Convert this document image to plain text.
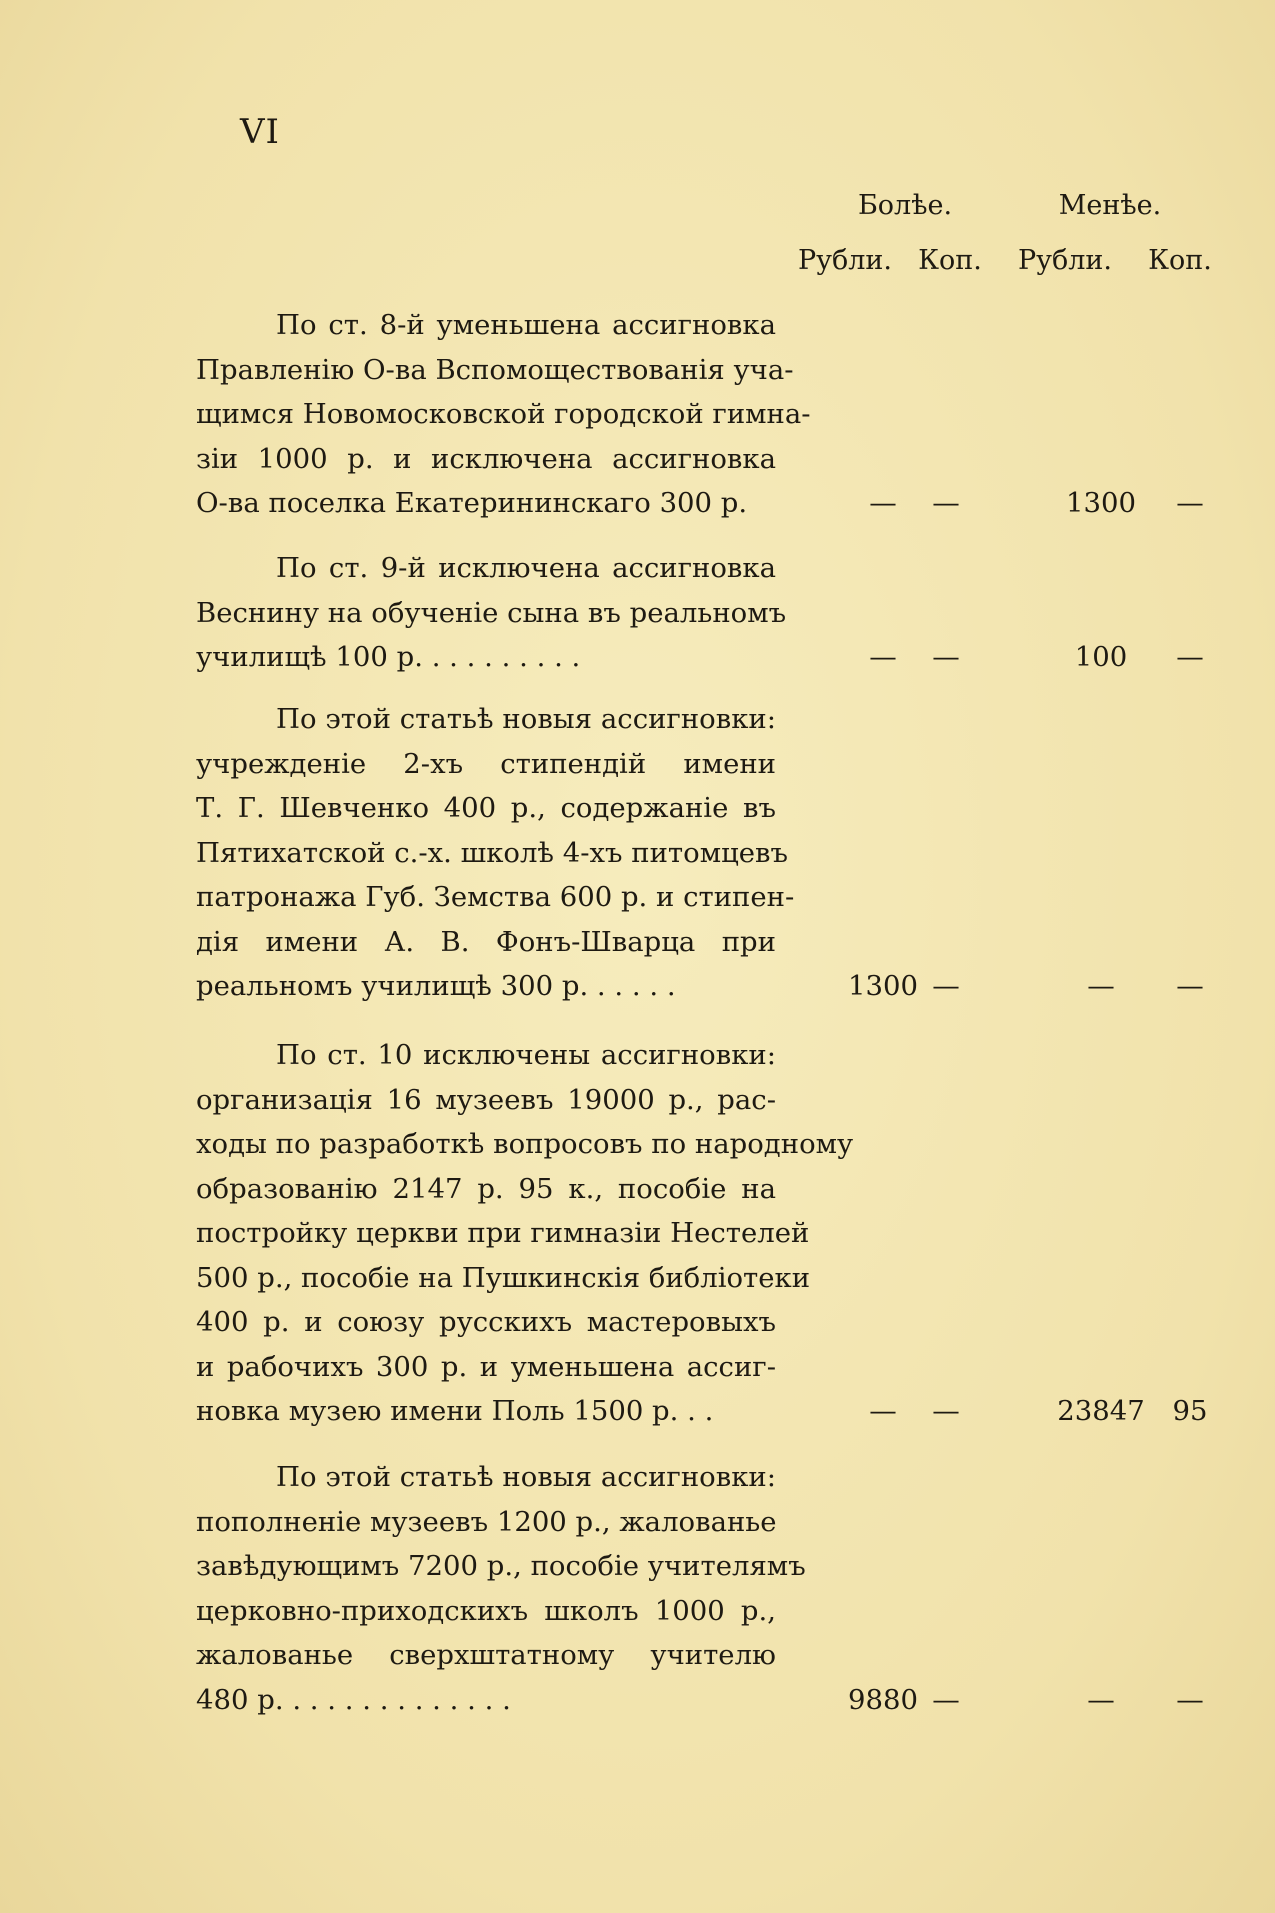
VI
Болѣе.	Менѣе.
Рубли. Коп.	Рубли.	Коп.
По ст. 8-й уменьшена ассигновка
Правленію О-ва Вспомоществованія уча-
щимся Новомосковской городской гимна-
зіи 1000 р. и исключена ассигновка
О-ва поселка Екатерининскаго 300 р.	—	—	1300	—
По ст. 9-й исключена ассигновка
Веснину на обученіе сына въ реальномъ
училищѣ 100 р. . . . . . . . . .	—	—	100	—
По этой статьѣ новыя ассигновки:
учрежденіе 2-хъ стипендій имени
Т. Г. Шевченко 400 р., содержаніе въ
Пятихатской с.-х. школѣ 4-хъ питомцевъ
патронажа Губ. Земства 600 р. и стипен-
дія имени А. В. Фонъ-Шварца при
реальномъ училищѣ 300 р. . . . . .	1300 —	—	—
По ст. 10 исключены ассигновки:
организація 16 музеевъ 19000 р., рас-
ходы по разработкѣ вопросовъ по народному
образованію 2147 р. 95 к., пособіе на
постройку церкви при гимназіи Нестелей
500 р., пособіе на Пушкинскія библіотеки
400 р. и союзу русскихъ мастеровыхъ
и рабочихъ 300 р. и уменьшена ассиг-
новка музею имени Поль 1500 р. . .	—	—	23847	95
По этой статьѣ новыя ассигновки:
пополненіе музеевъ 1200 р., жалованье
завѣдующимъ 7200 р., пособіе учителямъ
церковно-приходскихъ школъ 1000 р.,
жалованье сверхштатному учителю
480 р. . . . . . . . . . . . . .	9880 —	—	—
